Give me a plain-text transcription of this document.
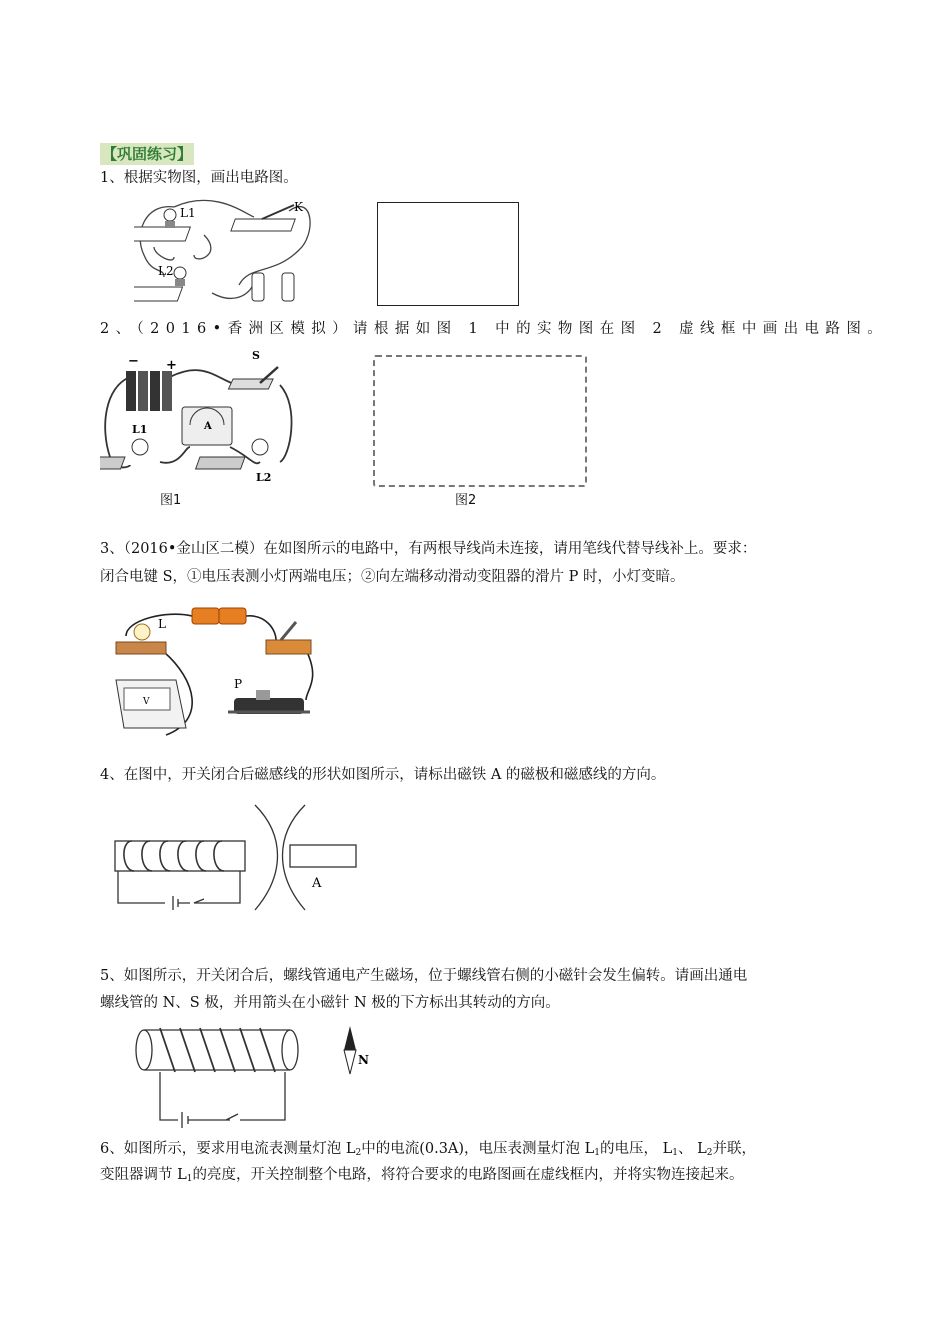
【巩固练习】
1、根据实物图，画出电路图。
L1
L2
K
2、（2016•香洲区模拟）请根据如图 1 中的实物图在图 2 虚线框中画出电路图。
− +
S
A
L1
L2
图1	图2
3、（2016•金山区二模）在如图所示的电路中，有两根导线尚未连接，请用笔线代替导线补上。要求：
闭合电键 S，①电压表测小灯两端电压；②向左端移动滑动变阻器的滑片 P 时，小灯变暗。
L
P
V
4、在图中，开关闭合后磁感线的形状如图所示，请标出磁铁 A 的磁极和磁感线的方向。
A
5、如图所示，开关闭合后，螺线管通电产生磁场，位于螺线管右侧的小磁针会发生偏转。请画出通电
螺线管的 N、S 极，并用箭头在小磁针 N 极的下方标出其转动的方向。
N
6、如图所示，要求用电流表测量灯泡 $L_2$中的电流(0.3A)，电压表测量灯泡 $L_1$的电压， $L_1$、 $L_2$并联，
变阻器调节 $L_1$的亮度，开关控制整个电路，将符合要求的电路图画在虚线框内，并将实物连接起来。
